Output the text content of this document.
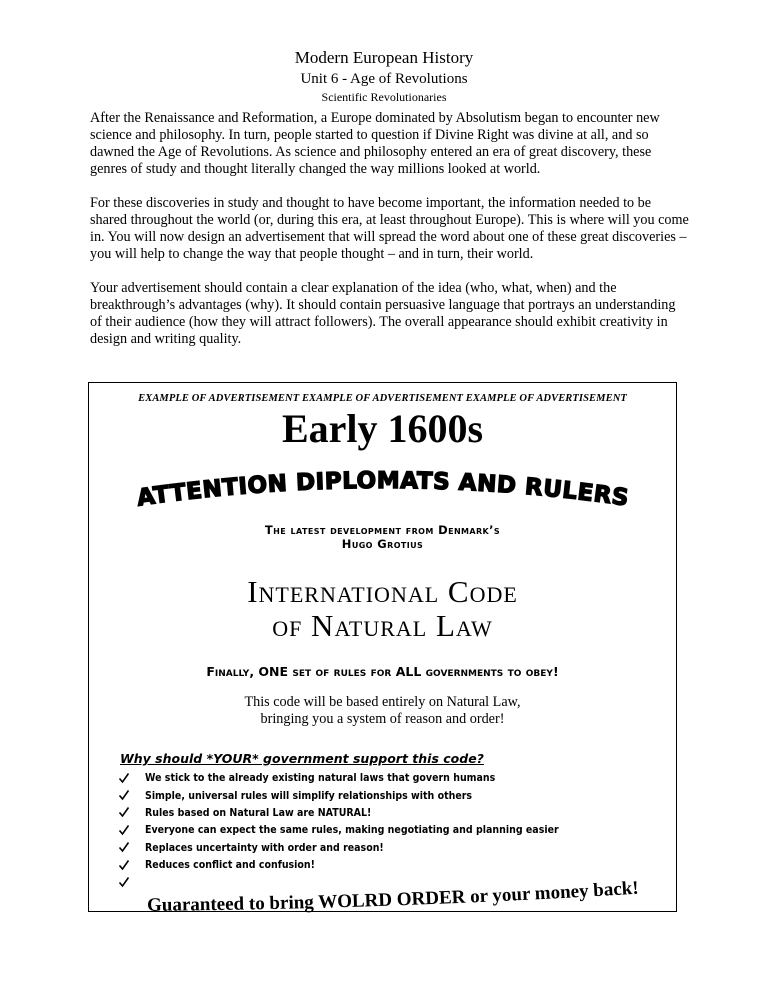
Modern European History
Unit 6 - Age of Revolutions
Scientific Revolutionaries

After the Renaissance and Reformation, a Europe dominated by Absolutism began to encounter new science and philosophy. In turn, people started to question if Divine Right was divine at all, and so dawned the Age of Revolutions. As science and philosophy entered an era of great discovery, these genres of study and thought literally changed the way millions looked at world.

For these discoveries in study and thought to have become important, the information needed to be shared throughout the world (or, during this era, at least throughout Europe). This is where will you come in. You will now design an advertisement that will spread the word about one of these great discoveries – you will help to change the way that people thought – and in turn, their world.

Your advertisement should contain a clear explanation of the idea (who, what, when) and the breakthrough’s advantages (why). It should contain persuasive language that portrays an understanding of their audience (how they will attract followers). The overall appearance should exhibit creativity in design and writing quality.

EXAMPLE OF ADVERTISEMENT EXAMPLE OF ADVERTISEMENT EXAMPLE OF ADVERTISEMENT
Early 1600s
ATTENTION DIPLOMATS AND RULERS
The latest development from Denmark’s
Hugo Grotius
International Code
of Natural Law
Finally, ONE set of rules for ALL governments to obey!
This code will be based entirely on Natural Law,
bringing you a system of reason and order!
Why should *YOUR* government support this code?
We stick to the already existing natural laws that govern humans
Simple, universal rules will simplify relationships with others
Rules based on Natural Law are NATURAL!
Everyone can expect the same rules, making negotiating and planning easier
Replaces uncertainty with order and reason!
Reduces conflict and confusion!
Guaranteed to bring WOLRD ORDER or your money back!
